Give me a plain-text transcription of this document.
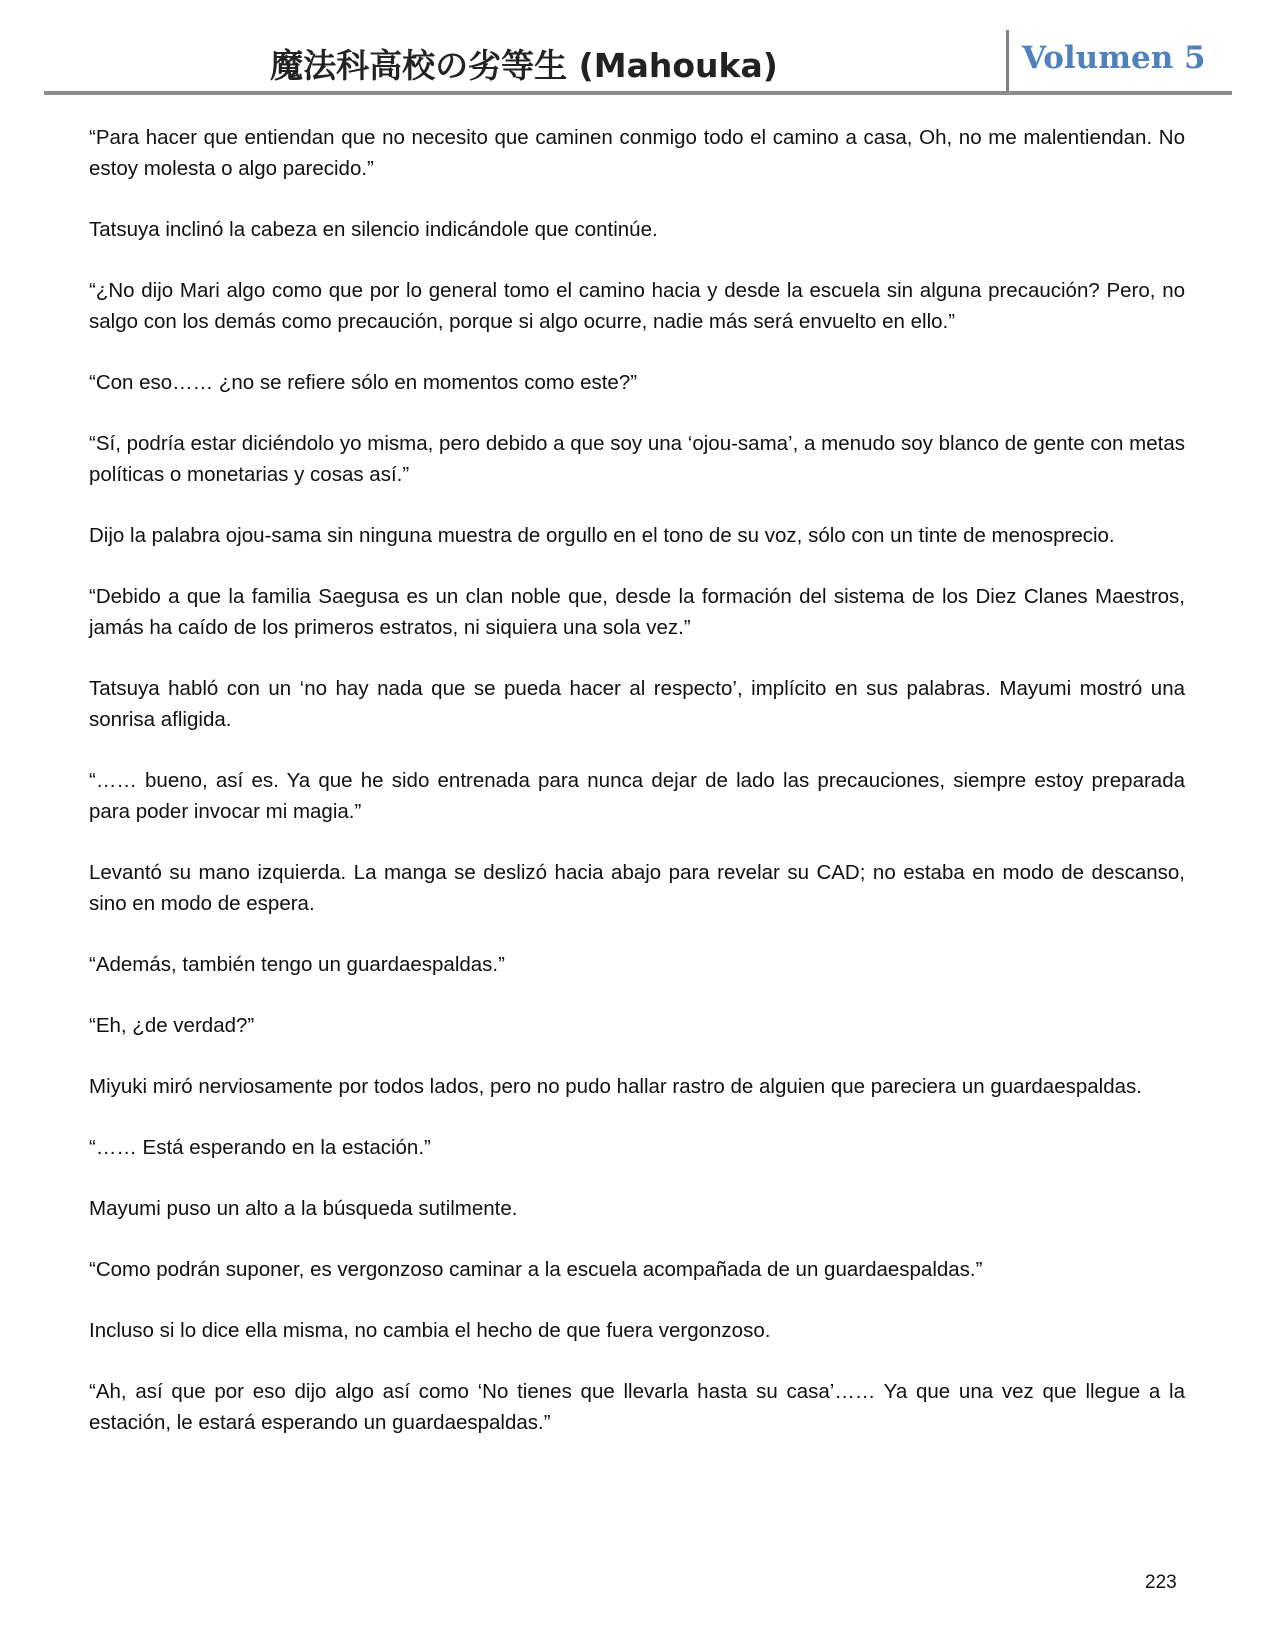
魔法科高校の劣等生 (Mahouka)	Volumen 5

“Para hacer que entiendan que no necesito que caminen conmigo todo el camino a casa, Oh, no me malentiendan. No estoy molesta o algo parecido.”

Tatsuya inclinó la cabeza en silencio indicándole que continúe.

“¿No dijo Mari algo como que por lo general tomo el camino hacia y desde la escuela sin alguna precaución? Pero, no salgo con los demás como precaución, porque si algo ocurre, nadie más será envuelto en ello.”

“Con eso…… ¿no se refiere sólo en momentos como este?”

“Sí, podría estar diciéndolo yo misma, pero debido a que soy una ‘ojou-sama’, a menudo soy blanco de gente con metas políticas o monetarias y cosas así.”

Dijo la palabra ojou-sama sin ninguna muestra de orgullo en el tono de su voz, sólo con un tinte de menosprecio.

“Debido a que la familia Saegusa es un clan noble que, desde la formación del sistema de los Diez Clanes Maestros, jamás ha caído de los primeros estratos, ni siquiera una sola vez.”

Tatsuya habló con un ‘no hay nada que se pueda hacer al respecto’, implícito en sus palabras. Mayumi mostró una sonrisa afligida.

“…… bueno, así es. Ya que he sido entrenada para nunca dejar de lado las precauciones, siempre estoy preparada para poder invocar mi magia.”

Levantó su mano izquierda. La manga se deslizó hacia abajo para revelar su CAD; no estaba en modo de descanso, sino en modo de espera.

“Además, también tengo un guardaespaldas.”

“Eh, ¿de verdad?”

Miyuki miró nerviosamente por todos lados, pero no pudo hallar rastro de alguien que pareciera un guardaespaldas.

“…… Está esperando en la estación.”

Mayumi puso un alto a la búsqueda sutilmente.

“Como podrán suponer, es vergonzoso caminar a la escuela acompañada de un guardaespaldas.”

Incluso si lo dice ella misma, no cambia el hecho de que fuera vergonzoso.

“Ah, así que por eso dijo algo así como ‘No tienes que llevarla hasta su casa’…… Ya que una vez que llegue a la estación, le estará esperando un guardaespaldas.”

223
